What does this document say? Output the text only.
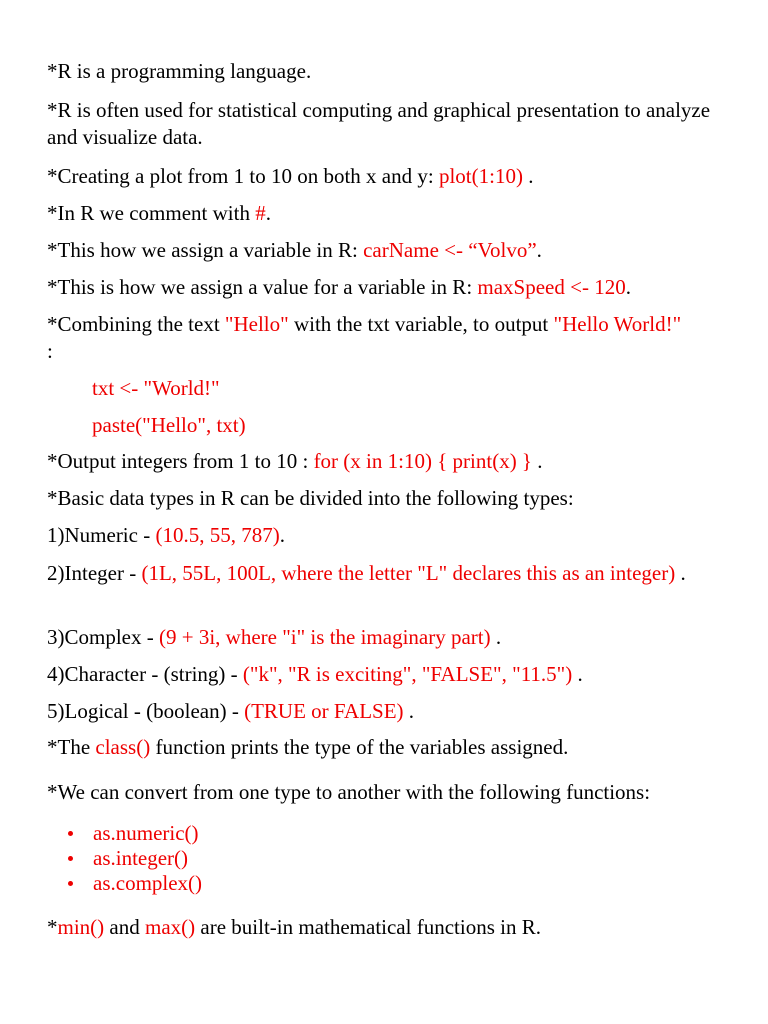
*R is a programming language.

*R is often used for statistical computing and graphical presentation to analyze and visualize data.

*Creating a plot from 1 to 10 on both x and y: plot(1:10) .

*In R we comment with #.

*This how we assign a variable in R: carName <- “Volvo”.

*This is how we assign a value for a variable in R: maxSpeed <- 120.

*Combining the text "Hello" with the txt variable, to output "Hello World!" :

txt <- "World!"

paste("Hello", txt)

*Output integers from 1 to 10 : for (x in 1:10) { print(x) } .

*Basic data types in R can be divided into the following types:

1)Numeric - (10.5, 55, 787).

2)Integer - (1L, 55L, 100L, where the letter "L" declares this as an integer) .

3)Complex - (9 + 3i, where "i" is the imaginary part) .

4)Character - (string) - ("k", "R is exciting", "FALSE", "11.5") .

5)Logical - (boolean) - (TRUE or FALSE) .

*The class() function prints the type of the variables assigned.

*We can convert from one type to another with the following functions:

as.numeric()
as.integer()
as.complex()

*min() and max() are built-in mathematical functions in R.
